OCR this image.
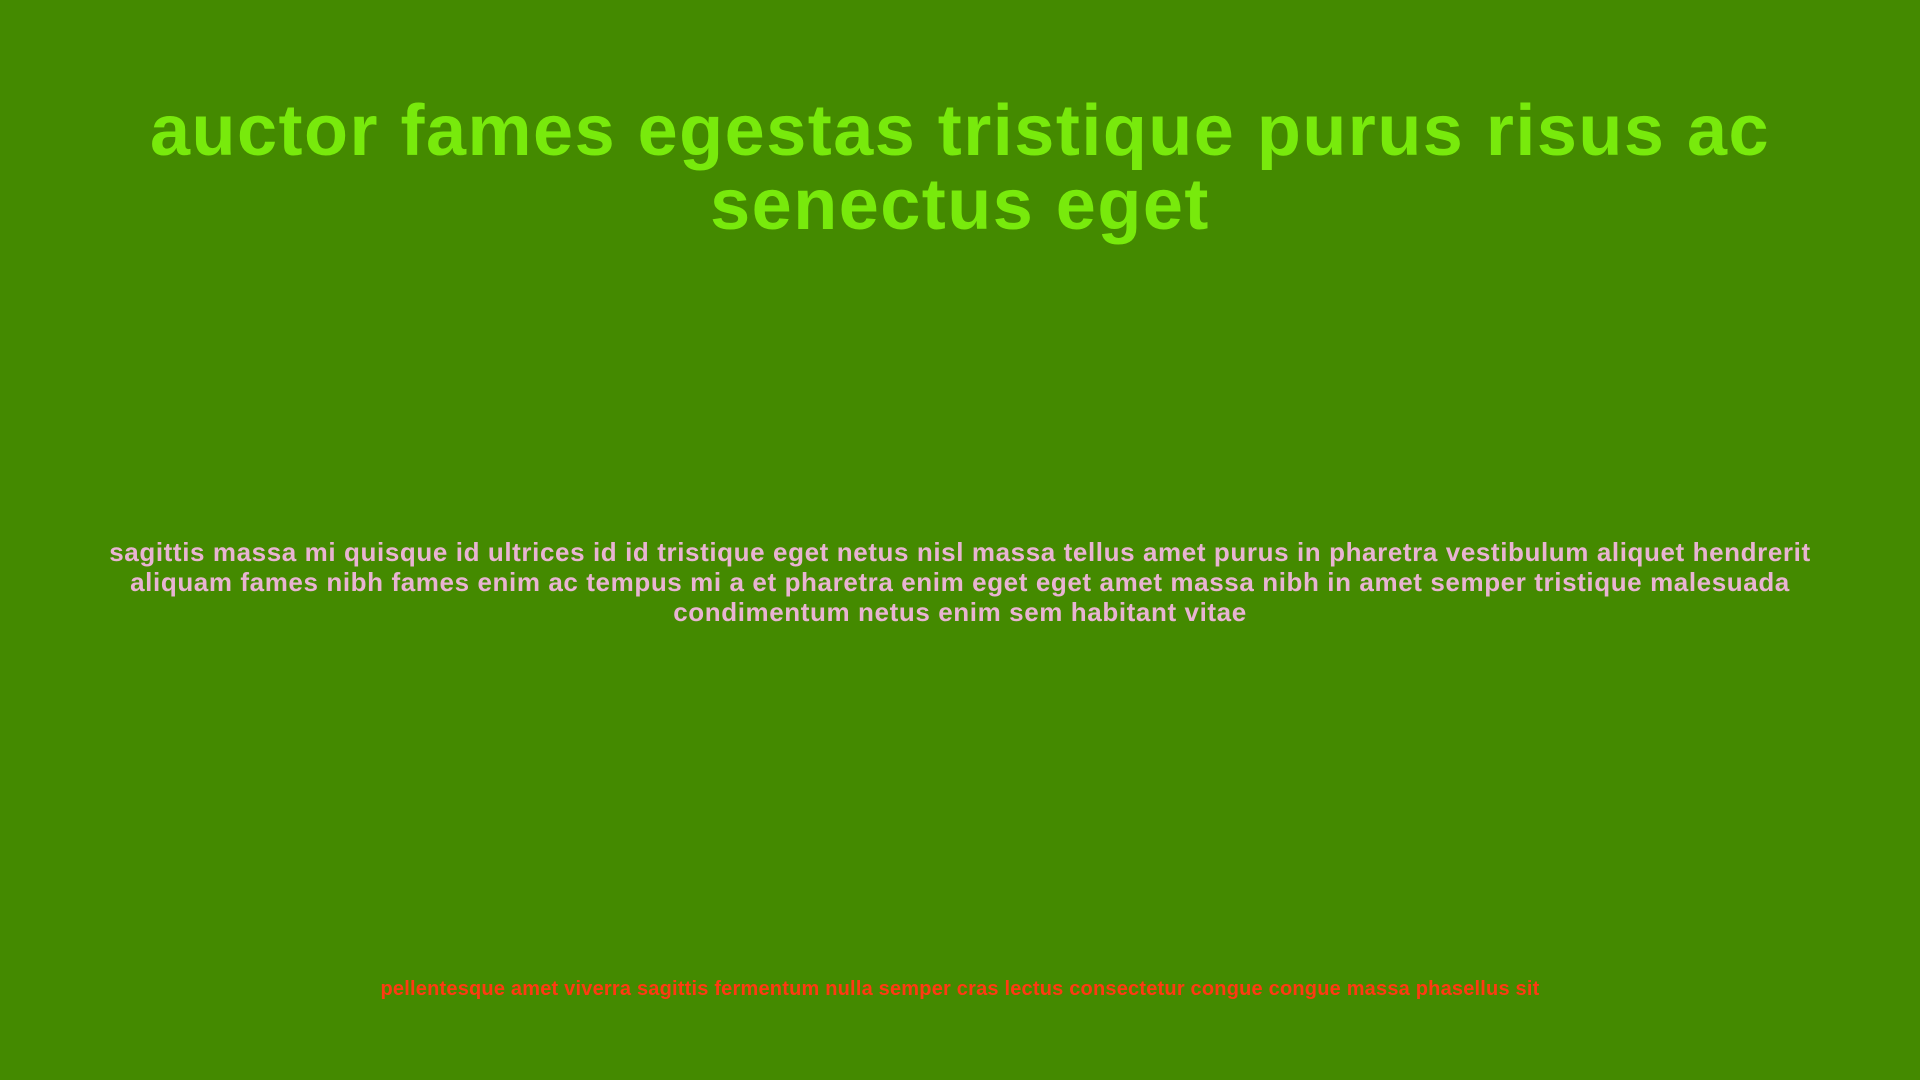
auctor fames egestas tristique purus risus ac senectus eget

sagittis massa mi quisque id ultrices id id tristique eget netus nisl massa tellus amet purus in pharetra vestibulum aliquet hendrerit aliquam fames nibh fames enim ac tempus mi a et pharetra enim eget eget amet massa nibh in amet semper tristique malesuada condimentum netus enim sem habitant vitae

pellentesque amet viverra sagittis fermentum nulla semper cras lectus consectetur congue congue massa phasellus sit
